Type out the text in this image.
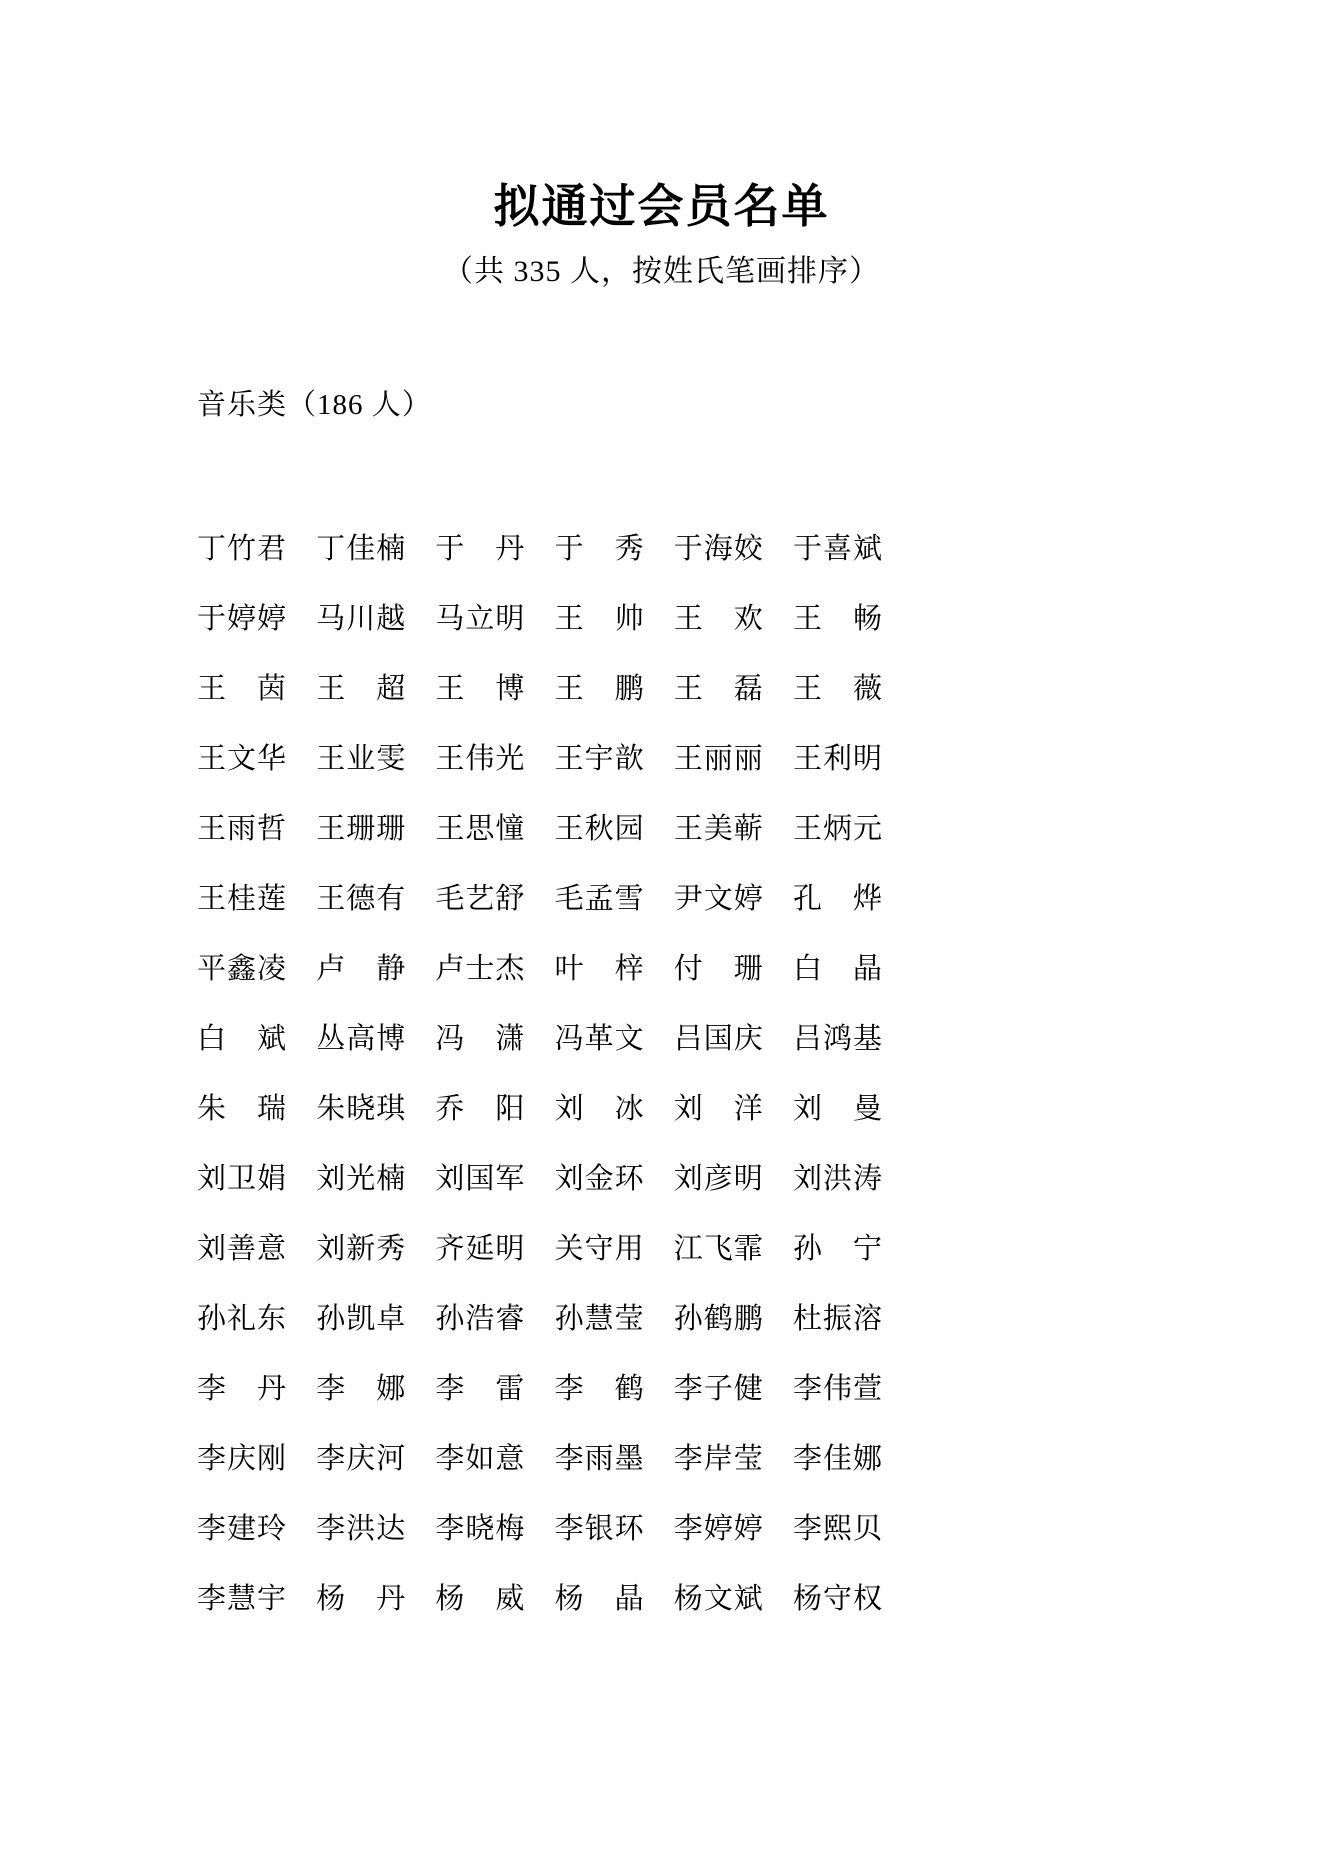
拟通过会员名单

（共 335 人，按姓氏笔画排序）

音乐类（186 人）
丁竹君 丁佳楠 于　丹 于　秀 于海姣 于喜斌
于婷婷 马川越 马立明 王　帅 王　欢 王　畅
王　茵 王　超 王　博 王　鹏 王　磊 王　薇
王文华 王业雯 王伟光 王宇歆 王丽丽 王利明
王雨哲 王珊珊 王思憧 王秋园 王美蕲 王炳元
王桂莲 王德有 毛艺舒 毛孟雪 尹文婷 孔　烨
平鑫凌 卢　静 卢士杰 叶　梓 付　珊 白　晶
白　斌 丛高博 冯　潇 冯革文 吕国庆 吕鸿基
朱　瑞 朱晓琪 乔　阳 刘　冰 刘　洋 刘　曼
刘卫娟 刘光楠 刘国军 刘金环 刘彦明 刘洪涛
刘善意 刘新秀 齐延明 关守用 江飞霏 孙　宁
孙礼东 孙凯卓 孙浩睿 孙慧莹 孙鹤鹏 杜振溶
李　丹 李　娜 李　雷 李　鹤 李子健 李伟萱
李庆刚 李庆河 李如意 李雨墨 李岸莹 李佳娜
李建玲 李洪达 李晓梅 李银环 李婷婷 李熙贝
李慧宇 杨　丹 杨　威 杨　晶 杨文斌 杨守权
